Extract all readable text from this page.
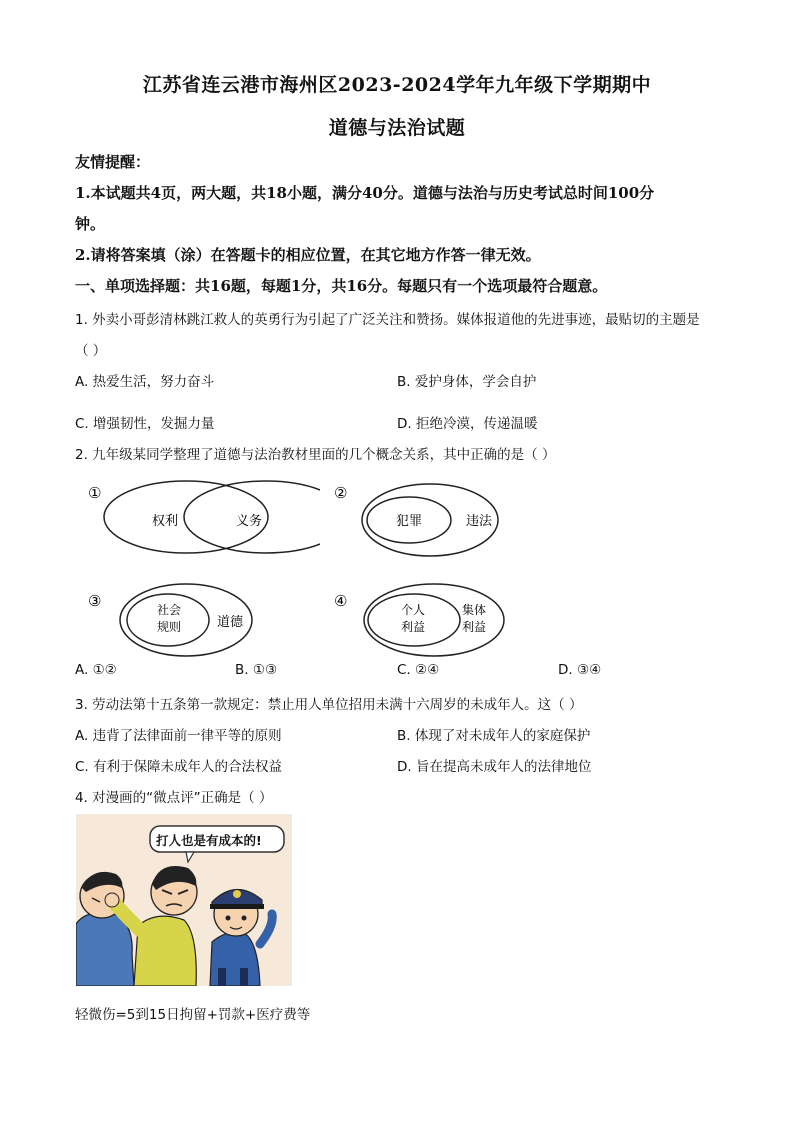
江苏省连云港市海州区2023-2024学年九年级下学期期中
道德与法治试题
友情提醒：
1.本试题共4页，两大题，共18小题，满分40分。道德与法治与历史考试总时间100分
钟。
2.请将答案填（涂）在答题卡的相应位置，在其它地方作答一律无效。
一、单项选择题：共16题，每题1分，共16分。每题只有一个选项最符合题意。
1. 外卖小哥彭清林跳江救人的英勇行为引起了广泛关注和赞扬。媒体报道他的先进事迹，最贴切的主题是
（ ）
A. 热爱生活，努力奋斗	B. 爱护身体，学会自护
C. 增强韧性，发掘力量	D. 拒绝冷漠，传递温暖
2. 九年级某同学整理了道德与法治教材里面的几个概念关系，其中正确的是（ ）
①
权利	义务
②
犯罪	违法
③	社会
规则	道德
④	个人
利益
集体
利益
A. ①②	B. ①③	C. ②④	D. ③④
3. 劳动法第十五条第一款规定：禁止用人单位招用未满十六周岁的未成年人。这（ ）
A. 违背了法律面前一律平等的原则	B. 体现了对未成年人的家庭保护
C. 有利于保障未成年人的合法权益	D. 旨在提高未成年人的法律地位
4. 对漫画的“微点评”正确是（ ）
打人也是有成本的!
轻微伤=5到15日拘留+罚款+医疗费等
